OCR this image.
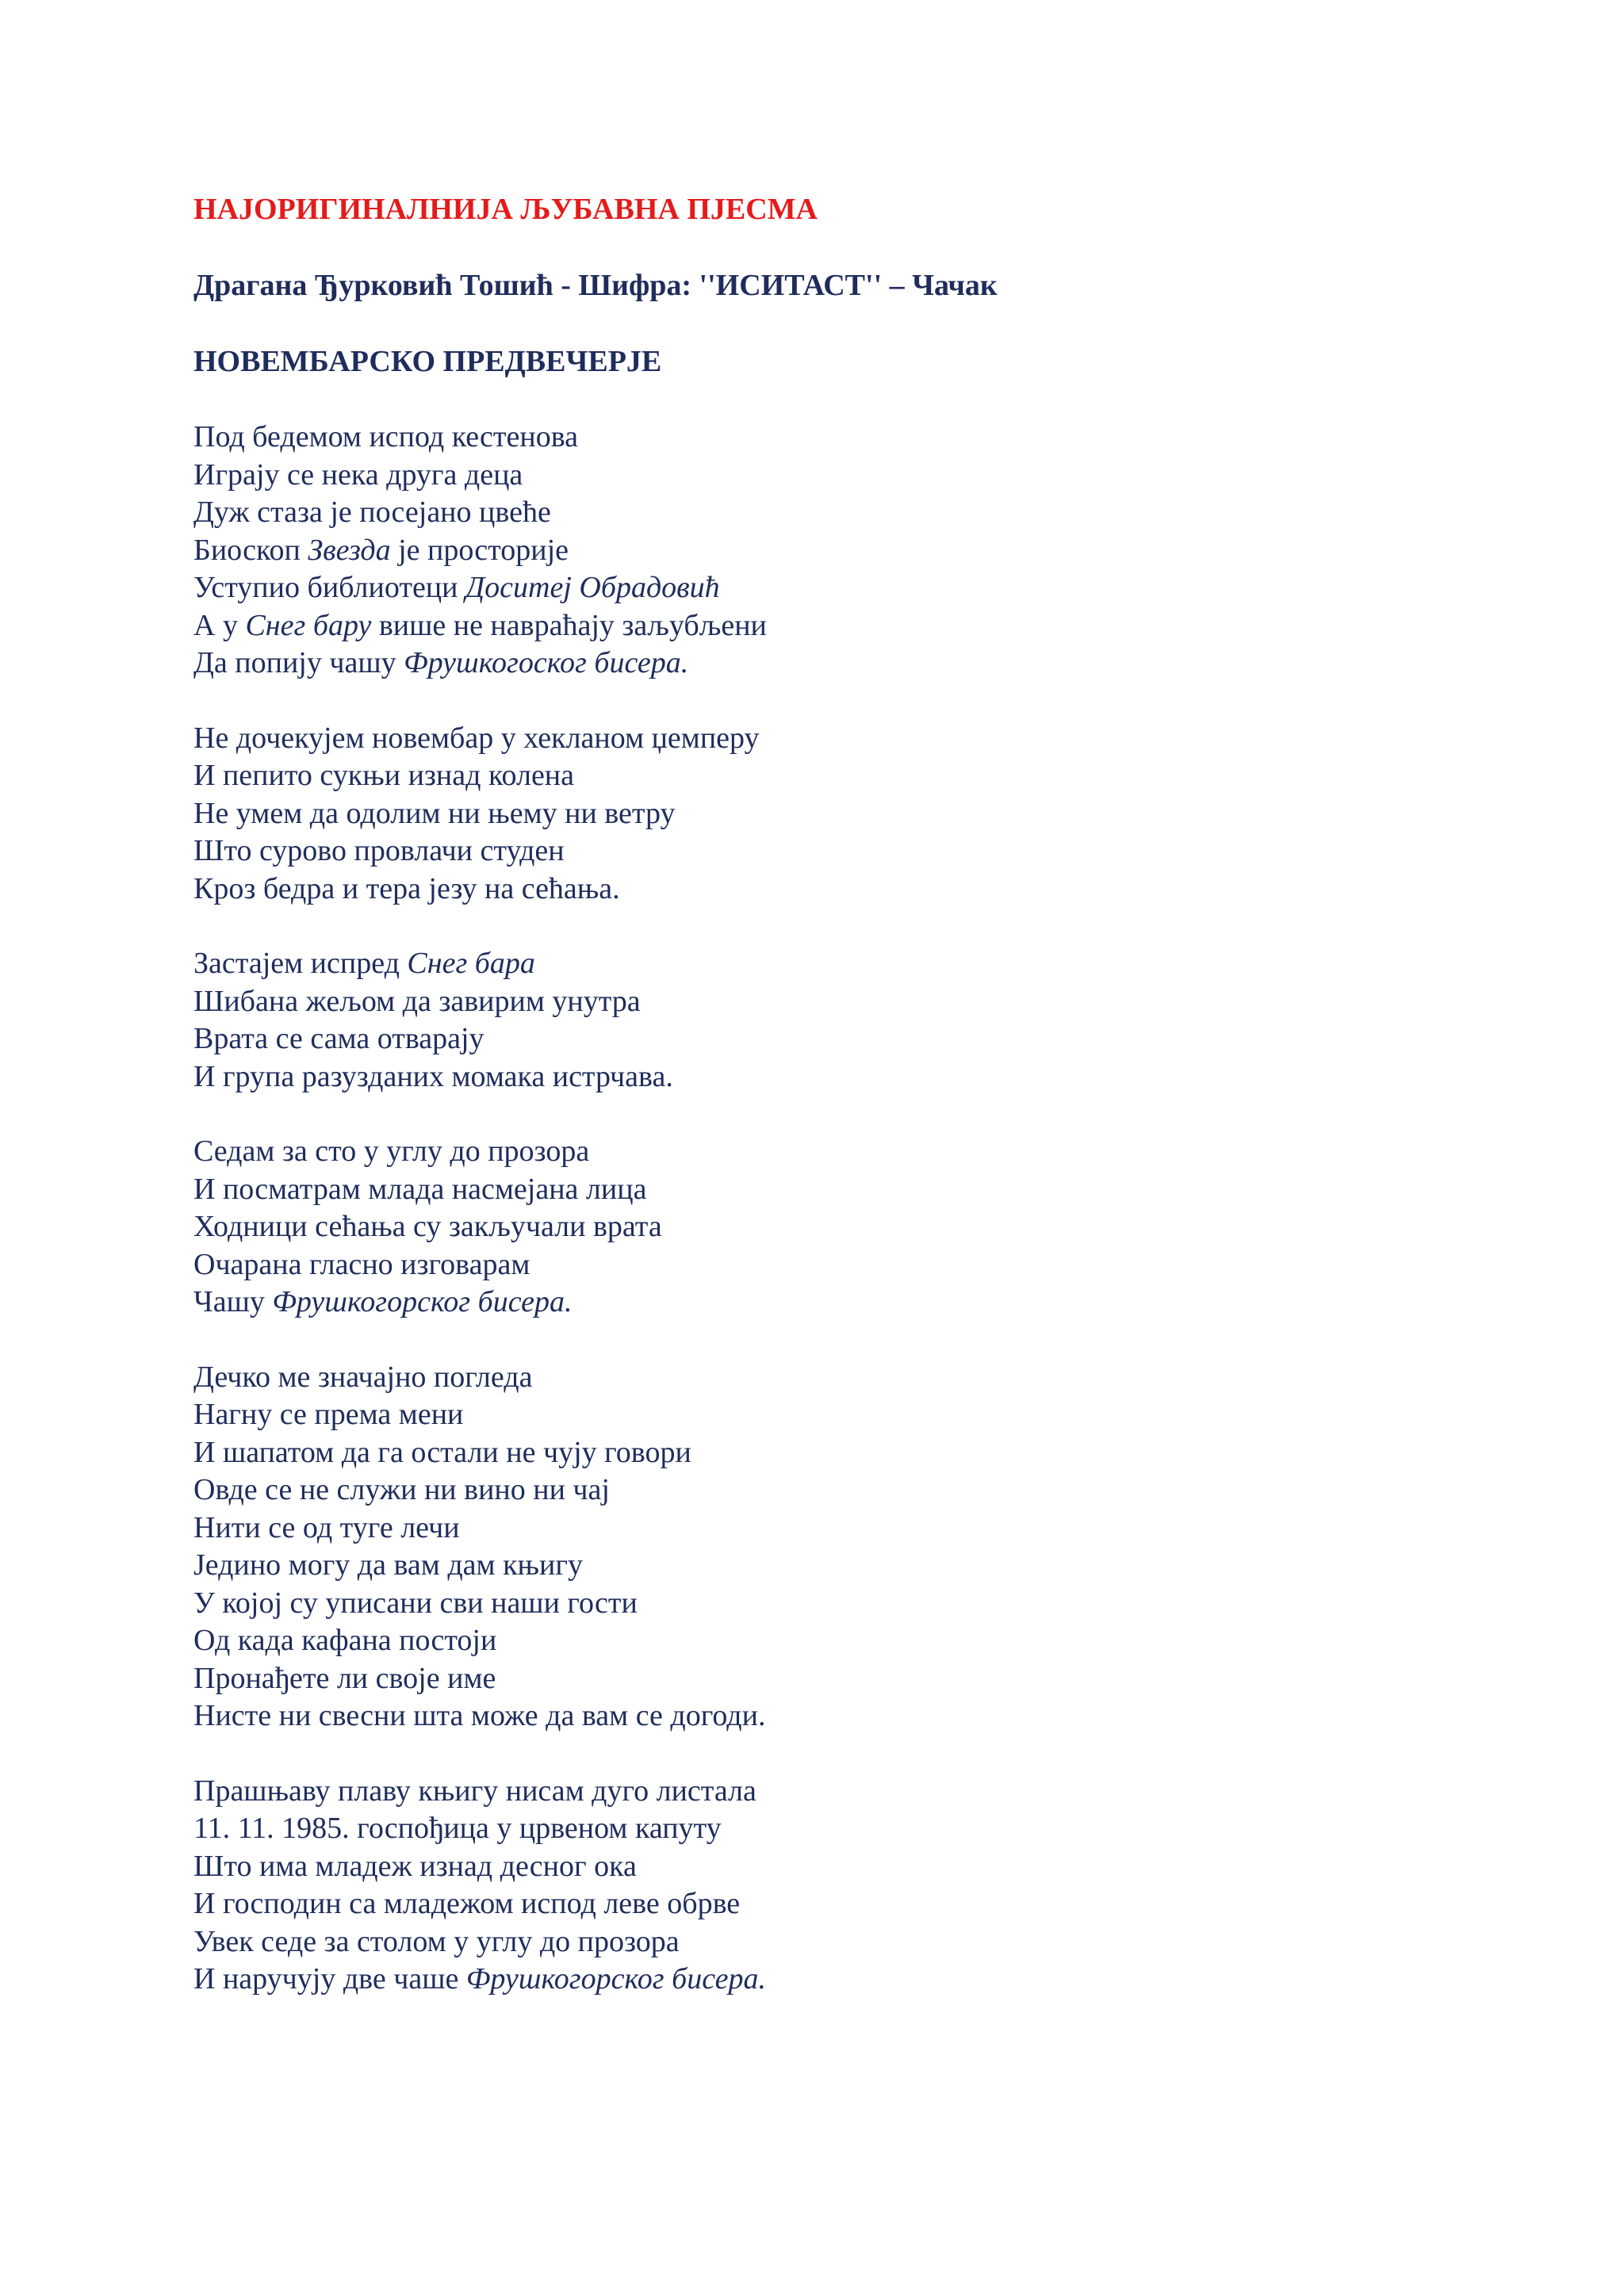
НАЈОРИГИНАЛНИЈА ЉУБАВНА ПЈЕСМА
Драгана Ђурковић Тошић - Шифра: ''ИСИТАСТ'' – Чачак
НОВЕМБАРСКО ПРЕДВЕЧЕРЈЕ
Под бедемом испод кестенова
Играју се нека друга деца
Дуж стаза је посејано цвеће
Биоскоп Звезда је просторије
Уступио библиотеци Доситеј Обрадовић
А у Снег бару више не навраћају заљубљени
Да попију чашу Фрушкогоског бисера.
Не дочекујем новембар у хекланом џемперу
И пепито сукњи изнад колена
Не умем да одолим ни њему ни ветру
Што сурово провлачи студен
Кроз бедра и тера језу на сећања.
Застајем испред Снег бара
Шибана жељом да завирим унутра
Врата се сама отварају
И група разузданих момака истрчава.
Седам за сто у углу до прозора
И посматрам млада насмејана лица
Ходници сећања су закључали врата
Очарана гласно изговарам
Чашу Фрушкогорског бисера.
Дечко ме значајно погледа
Нагну се према мени
И шапатом да га остали не чују говори
Овде се не служи ни вино ни чај
Нити се од туге лечи
Једино могу да вам дам књигу
У којој су уписани сви наши гости
Од када кафана постоји
Пронађете ли своје име
Нисте ни свесни шта може да вам се догоди.
Прашњаву плаву књигу нисам дуго листала
11. 11. 1985. госпођица у црвеном капуту
Што има младеж изнад десног ока
И господин са младежом испод леве обрве
Увек седе за столом у углу до прозора
И наручују две чаше Фрушкогорског бисера.
